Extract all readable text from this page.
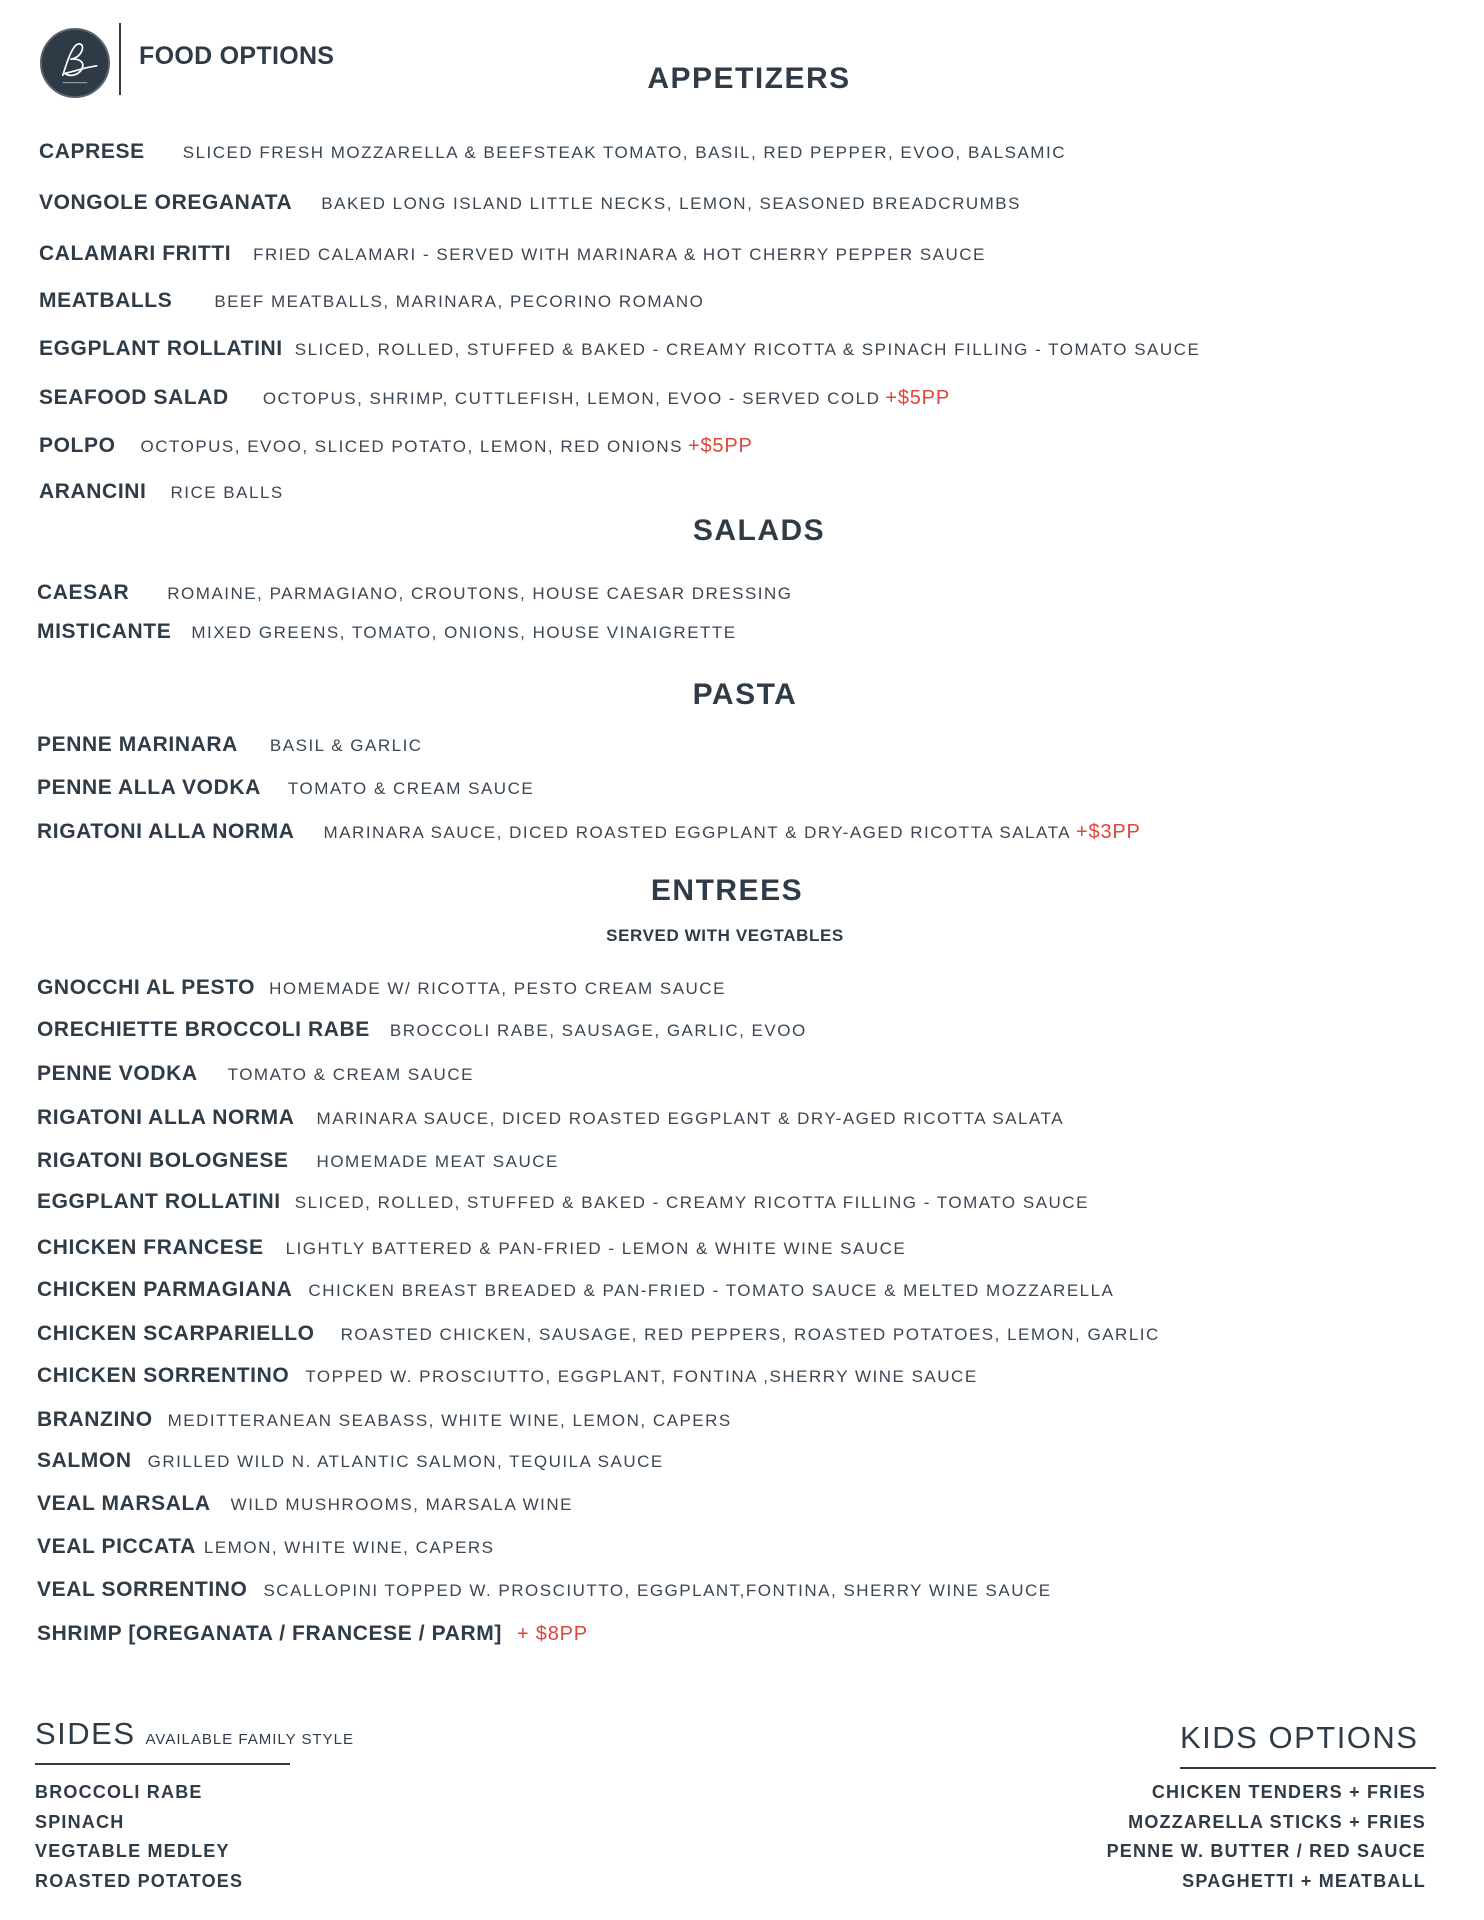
FOOD OPTIONS
APPETIZERS
SALADS
PASTA
ENTREES
SERVED WITH VEGTABLES
CAPRESE SLICED FRESH MOZZARELLA & BEEFSTEAK TOMATO, BASIL, RED PEPPER, EVOO, BALSAMIC
VONGOLE OREGANATA BAKED LONG ISLAND LITTLE NECKS, LEMON, SEASONED BREADCRUMBS
CALAMARI FRITTI FRIED CALAMARI - SERVED WITH MARINARA & HOT CHERRY PEPPER SAUCE
MEATBALLS BEEF MEATBALLS, MARINARA, PECORINO ROMANO
EGGPLANT ROLLATINI SLICED, ROLLED, STUFFED & BAKED - CREAMY RICOTTA & SPINACH FILLING - TOMATO SAUCE
SEAFOOD SALAD OCTOPUS, SHRIMP, CUTTLEFISH, LEMON, EVOO - SERVED COLD +$5PP
POLPO OCTOPUS, EVOO, SLICED POTATO, LEMON, RED ONIONS +$5PP
ARANCINI RICE BALLS
CAESAR ROMAINE, PARMAGIANO, CROUTONS, HOUSE CAESAR DRESSING
MISTICANTE MIXED GREENS, TOMATO, ONIONS, HOUSE VINAIGRETTE
PENNE MARINARA BASIL & GARLIC
PENNE ALLA VODKA TOMATO & CREAM SAUCE
RIGATONI ALLA NORMA MARINARA SAUCE, DICED ROASTED EGGPLANT & DRY-AGED RICOTTA SALATA +$3PP
GNOCCHI AL PESTO HOMEMADE W/ RICOTTA, PESTO CREAM SAUCE
ORECHIETTE BROCCOLI RABE BROCCOLI RABE, SAUSAGE, GARLIC, EVOO
PENNE VODKA TOMATO & CREAM SAUCE
RIGATONI ALLA NORMA MARINARA SAUCE, DICED ROASTED EGGPLANT & DRY-AGED RICOTTA SALATA
RIGATONI BOLOGNESE HOMEMADE MEAT SAUCE
EGGPLANT ROLLATINI SLICED, ROLLED, STUFFED & BAKED - CREAMY RICOTTA FILLING - TOMATO SAUCE
CHICKEN FRANCESE LIGHTLY BATTERED & PAN-FRIED - LEMON & WHITE WINE SAUCE
CHICKEN PARMAGIANA CHICKEN BREAST BREADED & PAN-FRIED - TOMATO SAUCE & MELTED MOZZARELLA
CHICKEN SCARPARIELLO ROASTED CHICKEN, SAUSAGE, RED PEPPERS, ROASTED POTATOES, LEMON, GARLIC
CHICKEN SORRENTINO TOPPED W. PROSCIUTTO, EGGPLANT, FONTINA ,SHERRY WINE SAUCE
BRANZINO MEDITTERANEAN SEABASS, WHITE WINE, LEMON, CAPERS
SALMON GRILLED WILD N. ATLANTIC SALMON, TEQUILA SAUCE
VEAL MARSALA WILD MUSHROOMS, MARSALA WINE
VEAL PICCATA LEMON, WHITE WINE, CAPERS
VEAL SORRENTINO SCALLOPINI TOPPED W. PROSCIUTTO, EGGPLANT,FONTINA, SHERRY WINE SAUCE
SHRIMP [OREGANATA / FRANCESE / PARM] + $8PP
SIDES AVAILABLE FAMILY STYLE
BROCCOLI RABE
SPINACH
VEGTABLE MEDLEY
ROASTED POTATOES
KIDS OPTIONS
CHICKEN TENDERS + FRIES
MOZZARELLA STICKS + FRIES
PENNE W. BUTTER / RED SAUCE
SPAGHETTI + MEATBALL
